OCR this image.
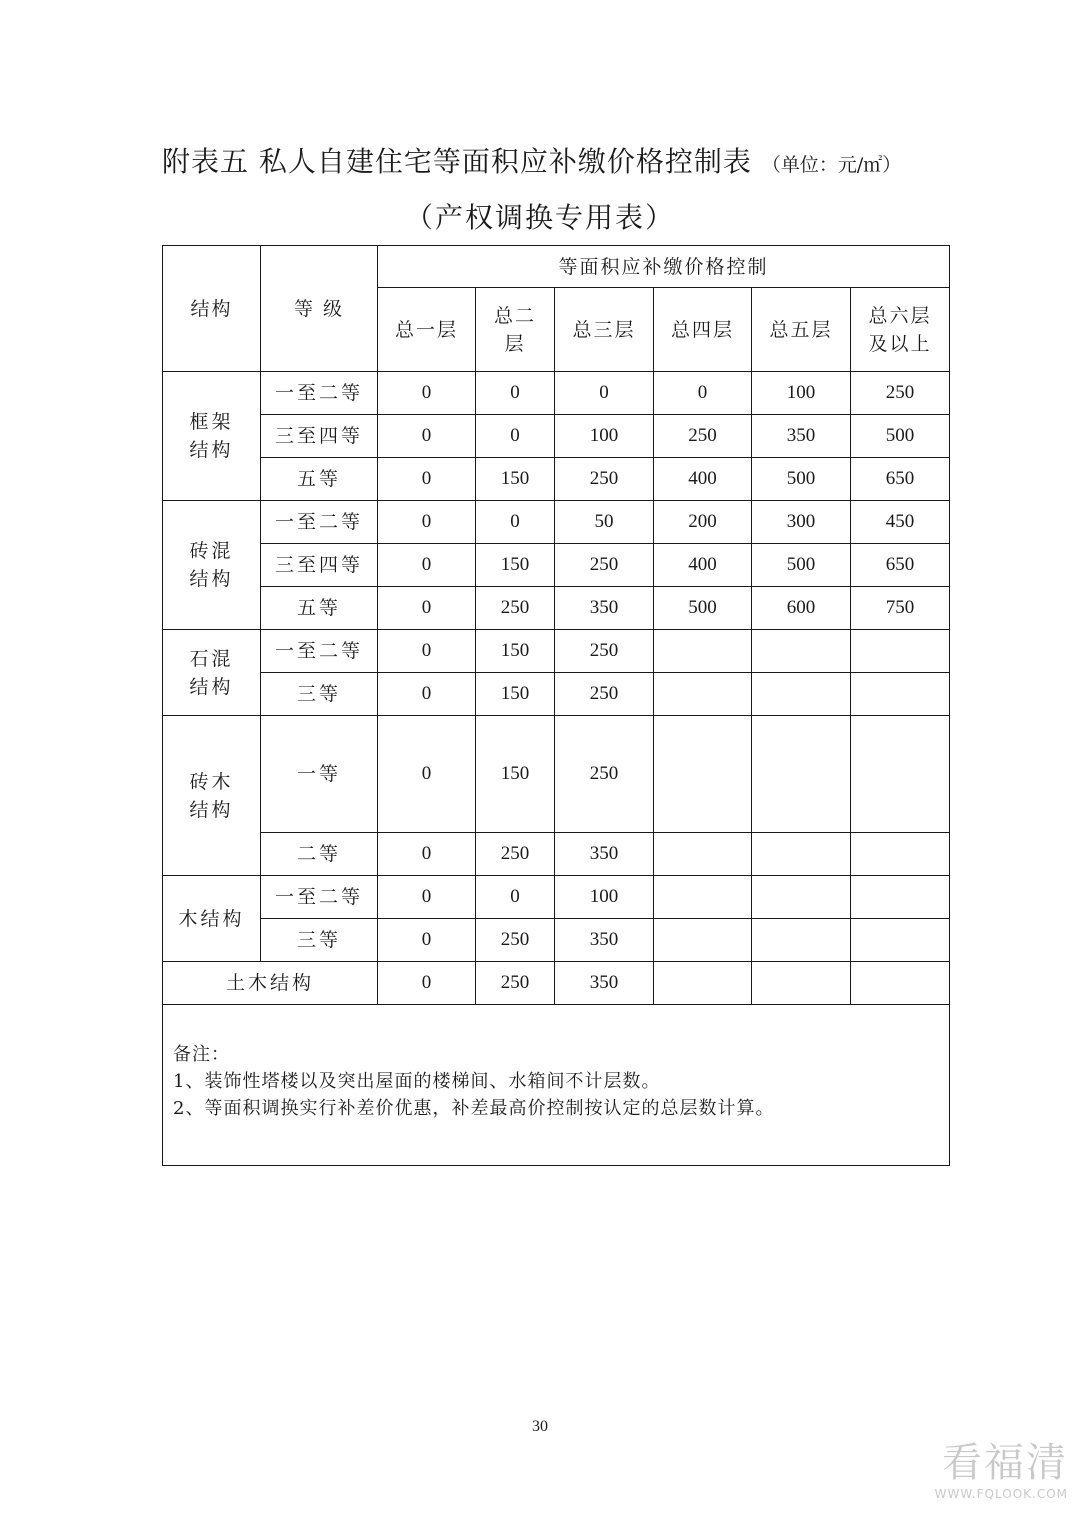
附表五 私人自建住宅等面积应补缴价格控制表 （单位：元/㎡）
（产权调换专用表）
结构	等 级	等面积应补缴价格控制					
		总一层	总二
层	总三层	总四层	总五层	总六层
及以上
框架
结构	一至二等	0	0	0	0	100	250
	三至四等	0	0	100	250	350	500
	五等	0	150	250	400	500	650
砖混
结构	一至二等	0	0	50	200	300	450
	三至四等	0	150	250	400	500	650
	五等	0	250	350	500	600	750
石混
结构	一至二等	0	150	250			
	三等	0	150	250			
砖木
结构	一等	0	150	250			
	二等	0	250	350			
木结构	一至二等	0	0	100			
	三等	0	250	350			
土木结构		0	250	350			

备注：
1、装饰性塔楼以及突出屋面的楼梯间、水箱间不计层数。
2、等面积调换实行补差价优惠，补差最高价控制按认定的总层数计算。							
30
看福清
WWW.FQLOOK.COM
